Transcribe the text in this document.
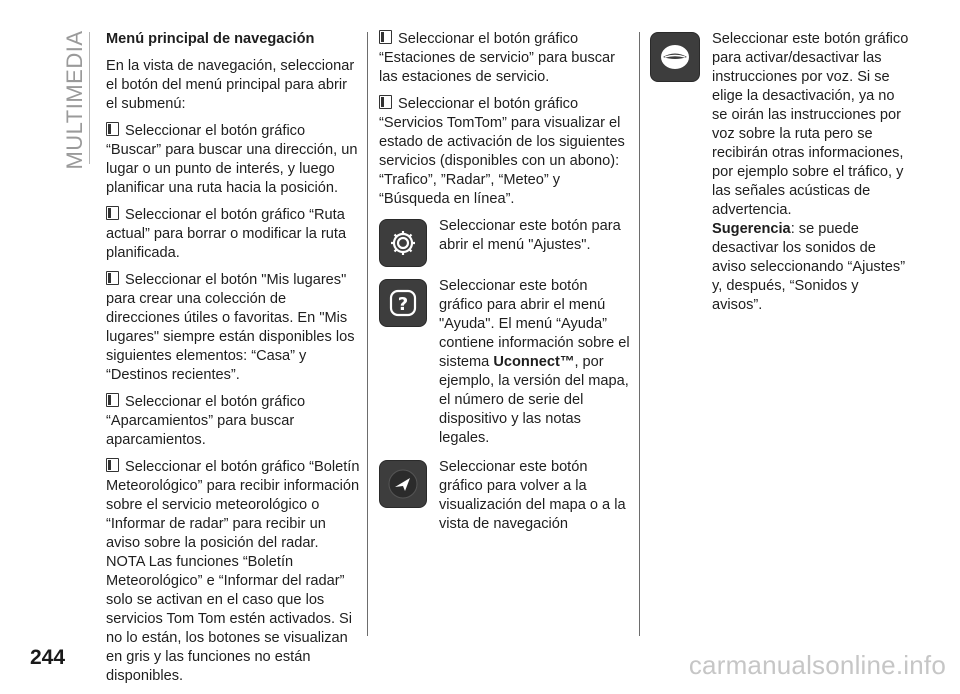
MULTIMEDIA
244	carmanualsonline.info
Menú principal de navegación

En la vista de navegación, seleccionar el botón del menú principal para abrir el submenú:

Seleccionar el botón gráfico “Buscar” para buscar una dirección, un lugar o un punto de interés, y luego planificar una ruta hacia la posición.
Seleccionar el botón gráfico “Ruta actual” para borrar o modificar la ruta planificada.
Seleccionar el botón "Mis lugares" para crear una colección de direcciones útiles o favoritas. En "Mis lugares" siempre están disponibles los siguientes elementos: “Casa” y “Destinos recientes”.
Seleccionar el botón gráfico “Aparcamientos” para buscar aparcamientos.
Seleccionar el botón gráfico “Boletín Meteorológico” para recibir información sobre el servicio meteorológico o “Informar de radar” para recibir un aviso sobre la posición del radar.

NOTA Las funciones “Boletín Meteorológico” e “Informar del radar” solo se activan en el caso que los servicios Tom Tom estén activados. Si no lo están, los botones se visualizan en gris y las funciones no están disponibles.

Seleccionar el botón gráfico “Estaciones de servicio” para buscar las estaciones de servicio.
Seleccionar el botón gráfico “Servicios TomTom” para visualizar el estado de activación de los siguientes servicios (disponibles con un abono): “Trafico”, ”Radar”, “Meteo” y “Búsqueda en línea”.
Seleccionar este botón para abrir el menú "Ajustes".
?
Seleccionar este botón gráfico para abrir el menú "Ayuda". El menú “Ayuda” contiene información sobre el sistema Uconnect™, por ejemplo, la versión del mapa, el número de serie del dispositivo y las notas legales.
Seleccionar este botón gráfico para volver a la visualización del mapa o a la vista de navegación
Seleccionar este botón gráfico para activar/desactivar las instrucciones por voz. Si se elige la desactivación, ya no se oirán las instrucciones por voz sobre la ruta pero se recibirán otras informaciones, por ejemplo sobre el tráfico, y las señales acústicas de advertencia.
Sugerencia: se puede desactivar los sonidos de aviso seleccionando “Ajustes” y, después, “Sonidos y avisos”.
